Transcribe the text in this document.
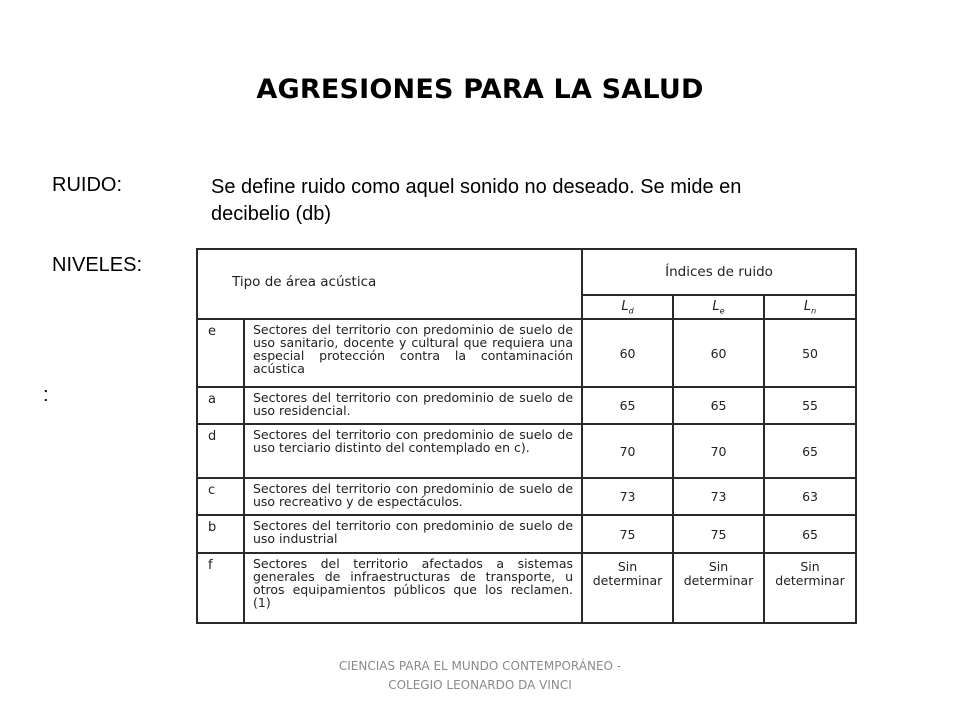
AGRESIONES PARA LA SALUD
RUIDO:	Se define ruido como aquel sonido no deseado. Se mide en decibelio (db)
NIVELES:
:
Tipo de área acústica		Índices de ruido		
		$L_d$	$L_e$	$L_n$
e	Sectores del territorio con predominio de suelo de uso sanitario, docente y cultural que requiera una especial protección contra la contaminación acústica	60	60	50
a	Sectores del territorio con predominio de suelo de uso residencial.	65	65	55
d	Sectores del territorio con predominio de suelo de uso terciario distinto del contemplado en c).	70	70	65
c	Sectores del territorio con predominio de suelo de uso recreativo y de espectáculos.	73	73	63
b	Sectores del territorio con predominio de suelo de uso industrial	75	75	65
f	Sectores del territorio afectados a sistemas generales de infraestructuras de transporte, u otros equipamientos públicos que los reclamen. (1)	Sin determinar	Sin determinar	Sin determinar
CIENCIAS PARA EL MUNDO CONTEMPORÁNEO - COLEGIO LEONARDO DA VINCI
